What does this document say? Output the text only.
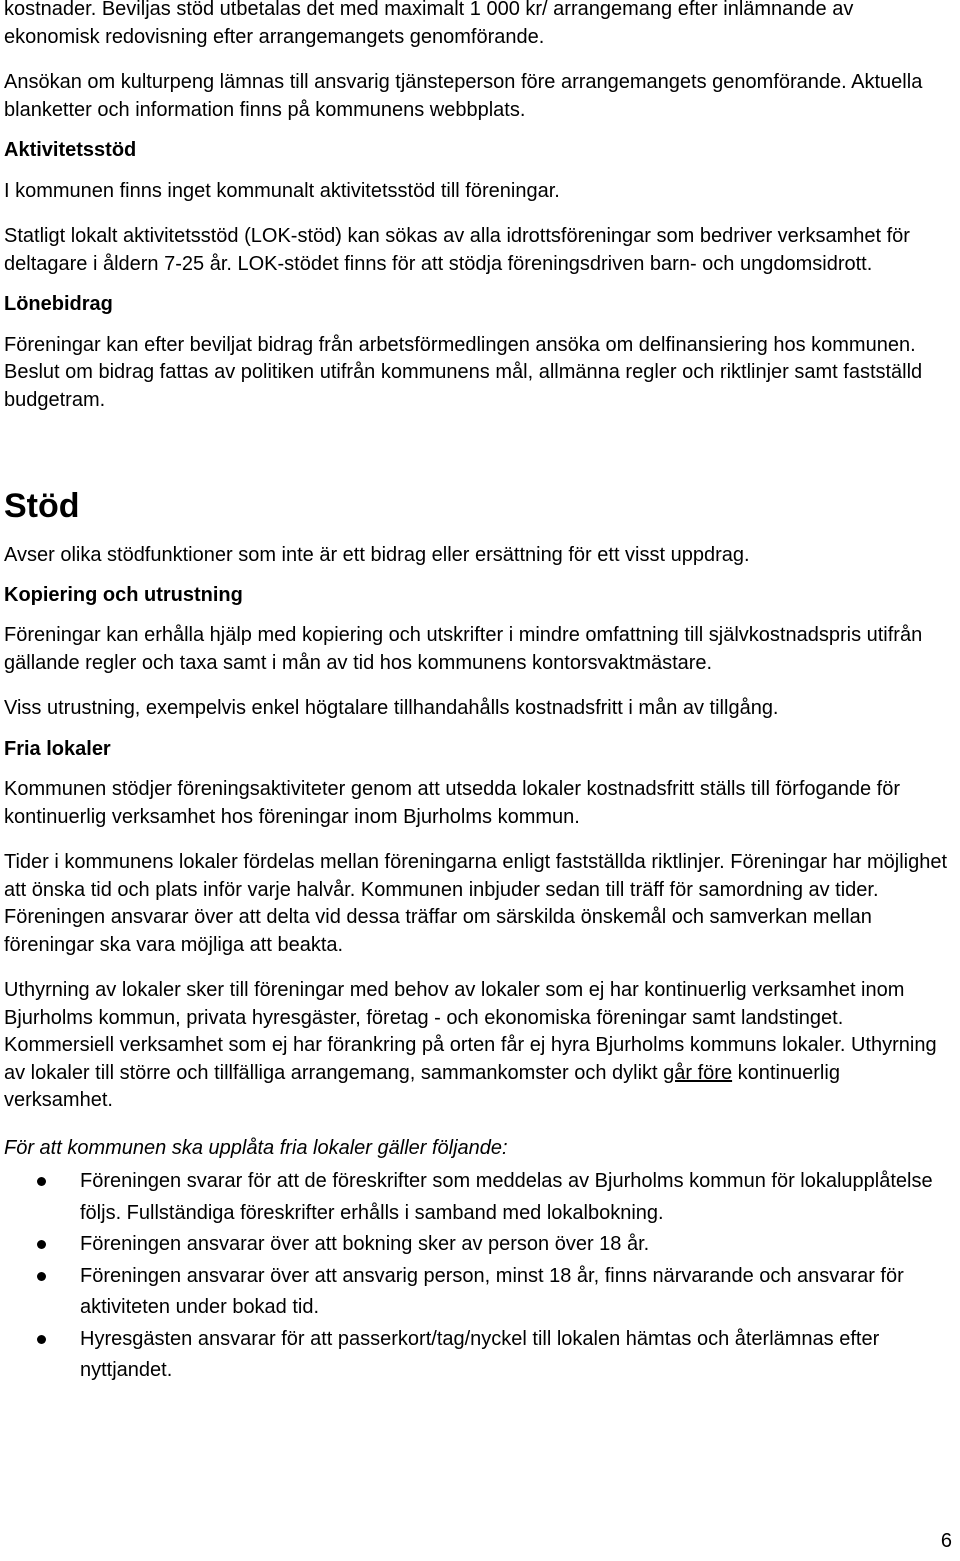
kostnader. Beviljas stöd utbetalas det med maximalt 1 000 kr/ arrangemang efter inlämnande av ekonomisk redovisning efter arrangemangets genomförande.

Ansökan om kulturpeng lämnas till ansvarig tjänsteperson före arrangemangets genomförande. Aktuella blanketter och information finns på kommunens webbplats.

Aktivitetsstöd

I kommunen finns inget kommunalt aktivitetsstöd till föreningar.

Statligt lokalt aktivitetsstöd (LOK-stöd) kan sökas av alla idrottsföreningar som bedriver verksamhet för deltagare i åldern 7-25 år. LOK-stödet finns för att stödja föreningsdriven barn- och ungdomsidrott.

Lönebidrag

Föreningar kan efter beviljat bidrag från arbetsförmedlingen ansöka om delfinansiering hos kommunen. Beslut om bidrag fattas av politiken utifrån kommunens mål, allmänna regler och riktlinjer samt fastställd budgetram.

Stöd

Avser olika stödfunktioner som inte är ett bidrag eller ersättning för ett visst uppdrag.

Kopiering och utrustning

Föreningar kan erhålla hjälp med kopiering och utskrifter i mindre omfattning till självkostnadspris utifrån gällande regler och taxa samt i mån av tid hos kommunens kontorsvaktmästare.

Viss utrustning, exempelvis enkel högtalare tillhandahålls kostnadsfritt i mån av tillgång.

Fria lokaler

Kommunen stödjer föreningsaktiviteter genom att utsedda lokaler kostnadsfritt ställs till förfogande för kontinuerlig verksamhet hos föreningar inom Bjurholms kommun.

Tider i kommunens lokaler fördelas mellan föreningarna enligt fastställda riktlinjer. Föreningar har möjlighet att önska tid och plats inför varje halvår. Kommunen inbjuder sedan till träff för samordning av tider. Föreningen ansvarar över att delta vid dessa träffar om särskilda önskemål och samverkan mellan föreningar ska vara möjliga att beakta.

Uthyrning av lokaler sker till föreningar med behov av lokaler som ej har kontinuerlig verksamhet inom Bjurholms kommun, privata hyresgäster, företag - och ekonomiska föreningar samt landstinget. Kommersiell verksamhet som ej har förankring på orten får ej hyra Bjurholms kommuns lokaler. Uthyrning av lokaler till större och tillfälliga arrangemang, sammankomster och dylikt går före kontinuerlig verksamhet.

För att kommunen ska upplåta fria lokaler gäller följande:

Föreningen svarar för att de föreskrifter som meddelas av Bjurholms kommun för lokalupplåtelse följs. Fullständiga föreskrifter erhålls i samband med lokalbokning.
Föreningen ansvarar över att bokning sker av person över 18 år.
Föreningen ansvarar över att ansvarig person, minst 18 år, finns närvarande och ansvarar för aktiviteten under bokad tid.
Hyresgästen ansvarar för att passerkort/tag/nyckel till lokalen hämtas och återlämnas efter nyttjandet.
6
